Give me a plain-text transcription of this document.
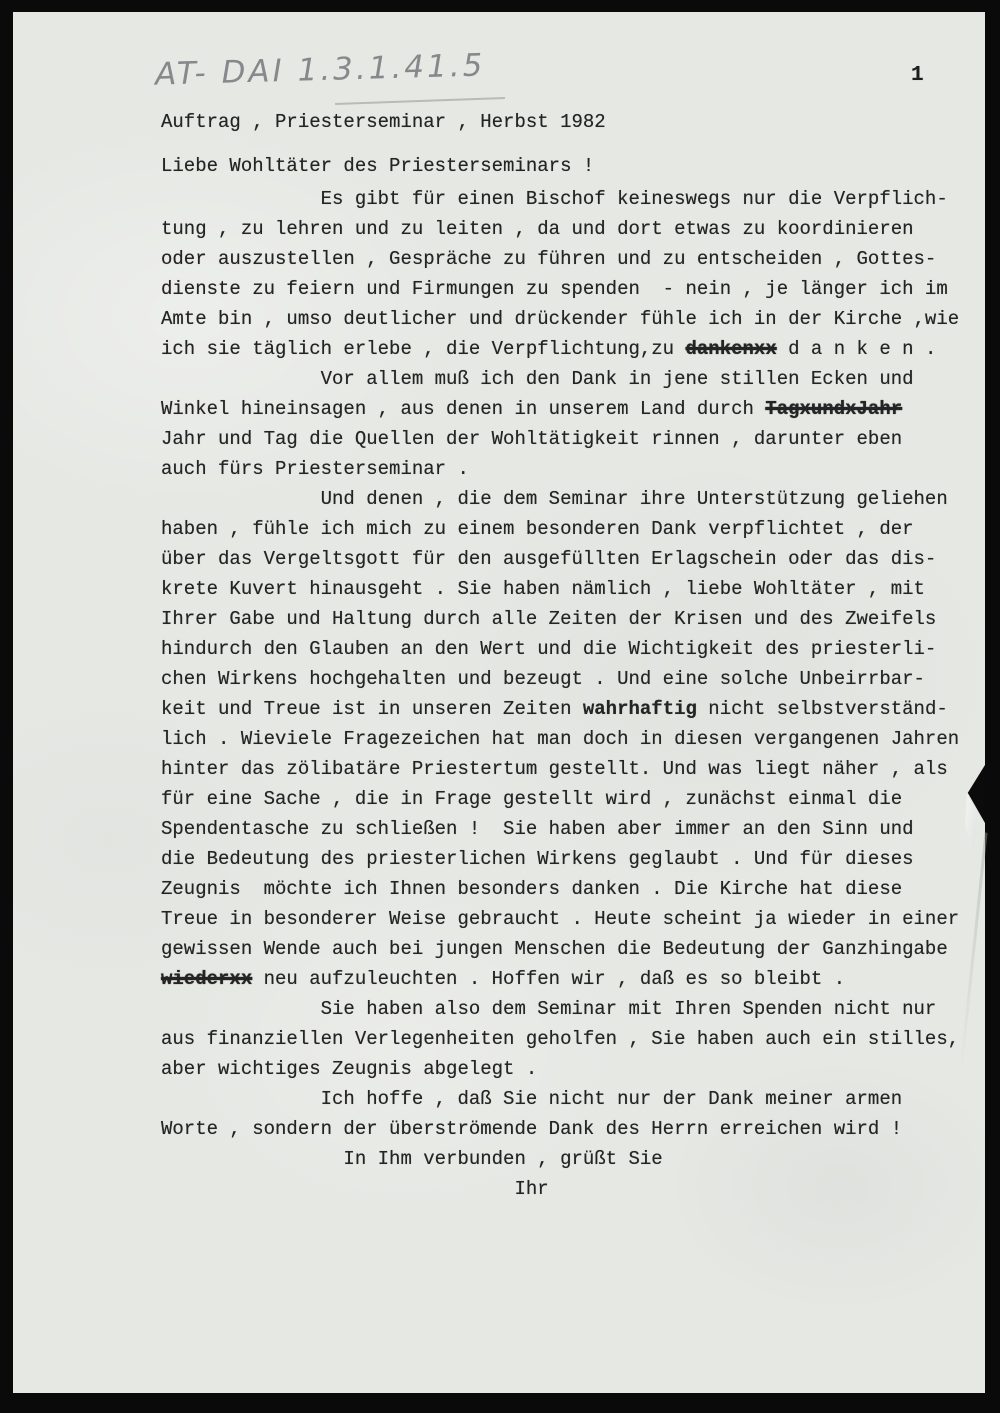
AT- DAI 1.3.1.41.5	1
Auftrag , Priesterseminar , Herbst 1982
Liebe Wohltäter des Priesterseminars !
Es gibt für einen Bischof keineswegs nur die Verpflich-
tung , zu lehren und zu leiten , da und dort etwas zu koordinieren
oder auszustellen , Gespräche zu führen und zu entscheiden , Gottes-
dienste zu feiern und Firmungen zu spenden  - nein , je länger ich im
Amte bin , umso deutlicher und drückender fühle ich in der Kirche ,wie
ich sie täglich erlebe , die Verpflichtung,zu dankenxx d a n k e n .
Vor allem muß ich den Dank in jene stillen Ecken und
Winkel hineinsagen , aus denen in unserem Land durch TagxundxJahr
Jahr und Tag die Quellen der Wohltätigkeit rinnen , darunter eben
auch fürs Priesterseminar .
Und denen , die dem Seminar ihre Unterstützung geliehen
haben , fühle ich mich zu einem besonderen Dank verpflichtet , der
über das Vergeltsgott für den ausgefüllten Erlagschein oder das dis-
krete Kuvert hinausgeht . Sie haben nämlich , liebe Wohltäter , mit
Ihrer Gabe und Haltung durch alle Zeiten der Krisen und des Zweifels
hindurch den Glauben an den Wert und die Wichtigkeit des priesterli-
chen Wirkens hochgehalten und bezeugt . Und eine solche Unbeirrbar-
keit und Treue ist in unseren Zeiten wahrhaftig nicht selbstverständ-
lich . Wieviele Fragezeichen hat man doch in diesen vergangenen Jahren
hinter das zölibatäre Priestertum gestellt. Und was liegt näher , als
für eine Sache , die in Frage gestellt wird , zunächst einmal die
Spendentasche zu schließen !  Sie haben aber immer an den Sinn und
die Bedeutung des priesterlichen Wirkens geglaubt . Und für dieses
Zeugnis  möchte ich Ihnen besonders danken . Die Kirche hat diese
Treue in besonderer Weise gebraucht . Heute scheint ja wieder in einer
gewissen Wende auch bei jungen Menschen die Bedeutung der Ganzhingabe
wiederxx neu aufzuleuchten . Hoffen wir , daß es so bleibt .
Sie haben also dem Seminar mit Ihren Spenden nicht nur
aus finanziellen Verlegenheiten geholfen , Sie haben auch ein stilles,
aber wichtiges Zeugnis abgelegt .
Ich hoffe , daß Sie nicht nur der Dank meiner armen
Worte , sondern der überströmende Dank des Herrn erreichen wird !
In Ihm verbunden , grüßt Sie
Ihr
